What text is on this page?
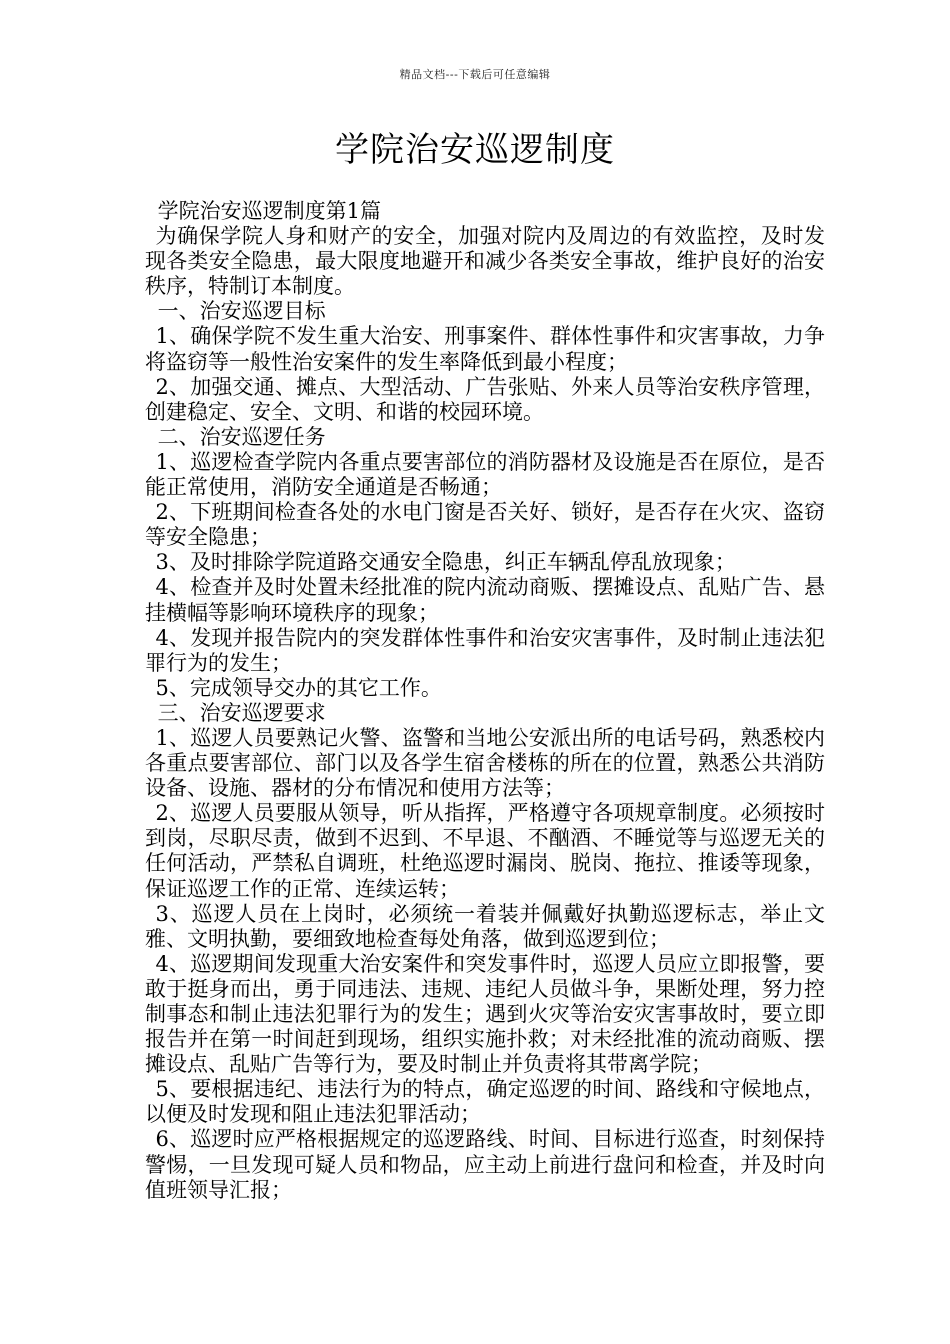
精品文档---下载后可任意编辑
学院治安巡逻制度

学院治安巡逻制度第1篇

为确保学院人身和财产的安全，加强对院内及周边的有效监控，及时发现各类安全隐患，最大限度地避开和减少各类安全事故，维护良好的治安秩序，特制订本制度。

一、治安巡逻目标

1、确保学院不发生重大治安、刑事案件、群体性事件和灾害事故，力争将盗窃等一般性治安案件的发生率降低到最小程度；

2、加强交通、摊点、大型活动、广告张贴、外来人员等治安秩序管理，创建稳定、安全、文明、和谐的校园环境。

二、治安巡逻任务

1、巡逻检查学院内各重点要害部位的消防器材及设施是否在原位，是否能正常使用，消防安全通道是否畅通；

2、下班期间检查各处的水电门窗是否关好、锁好，是否存在火灾、盗窃等安全隐患；

3、及时排除学院道路交通安全隐患，纠正车辆乱停乱放现象；

4、检查并及时处置未经批准的院内流动商贩、摆摊设点、乱贴广告、悬挂横幅等影响环境秩序的现象；

4、发现并报告院内的突发群体性事件和治安灾害事件，及时制止违法犯罪行为的发生；

5、完成领导交办的其它工作。

三、治安巡逻要求

1、巡逻人员要熟记火警、盗警和当地公安派出所的电话号码，熟悉校内各重点要害部位、部门以及各学生宿舍楼栋的所在的位置，熟悉公共消防设备、设施、器材的分布情况和使用方法等；

2、巡逻人员要服从领导，听从指挥，严格遵守各项规章制度。必须按时到岗，尽职尽责，做到不迟到、不早退、不酗酒、不睡觉等与巡逻无关的任何活动，严禁私自调班，杜绝巡逻时漏岗、脱岗、拖拉、推诿等现象，保证巡逻工作的正常、连续运转；

3、巡逻人员在上岗时，必须统一着装并佩戴好执勤巡逻标志，举止文雅、文明执勤，要细致地检查每处角落，做到巡逻到位；

4、巡逻期间发现重大治安案件和突发事件时，巡逻人员应立即报警，要敢于挺身而出，勇于同违法、违规、违纪人员做斗争，果断处理，努力控制事态和制止违法犯罪行为的发生；遇到火灾等治安灾害事故时，要立即报告并在第一时间赶到现场，组织实施扑救；对未经批准的流动商贩、摆摊设点、乱贴广告等行为，要及时制止并负责将其带离学院；

5、要根据违纪、违法行为的特点，确定巡逻的时间、路线和守候地点，以便及时发现和阻止违法犯罪活动；

6、巡逻时应严格根据规定的巡逻路线、时间、目标进行巡查，时刻保持警惕，一旦发现可疑人员和物品，应主动上前进行盘问和检查，并及时向值班领导汇报；
